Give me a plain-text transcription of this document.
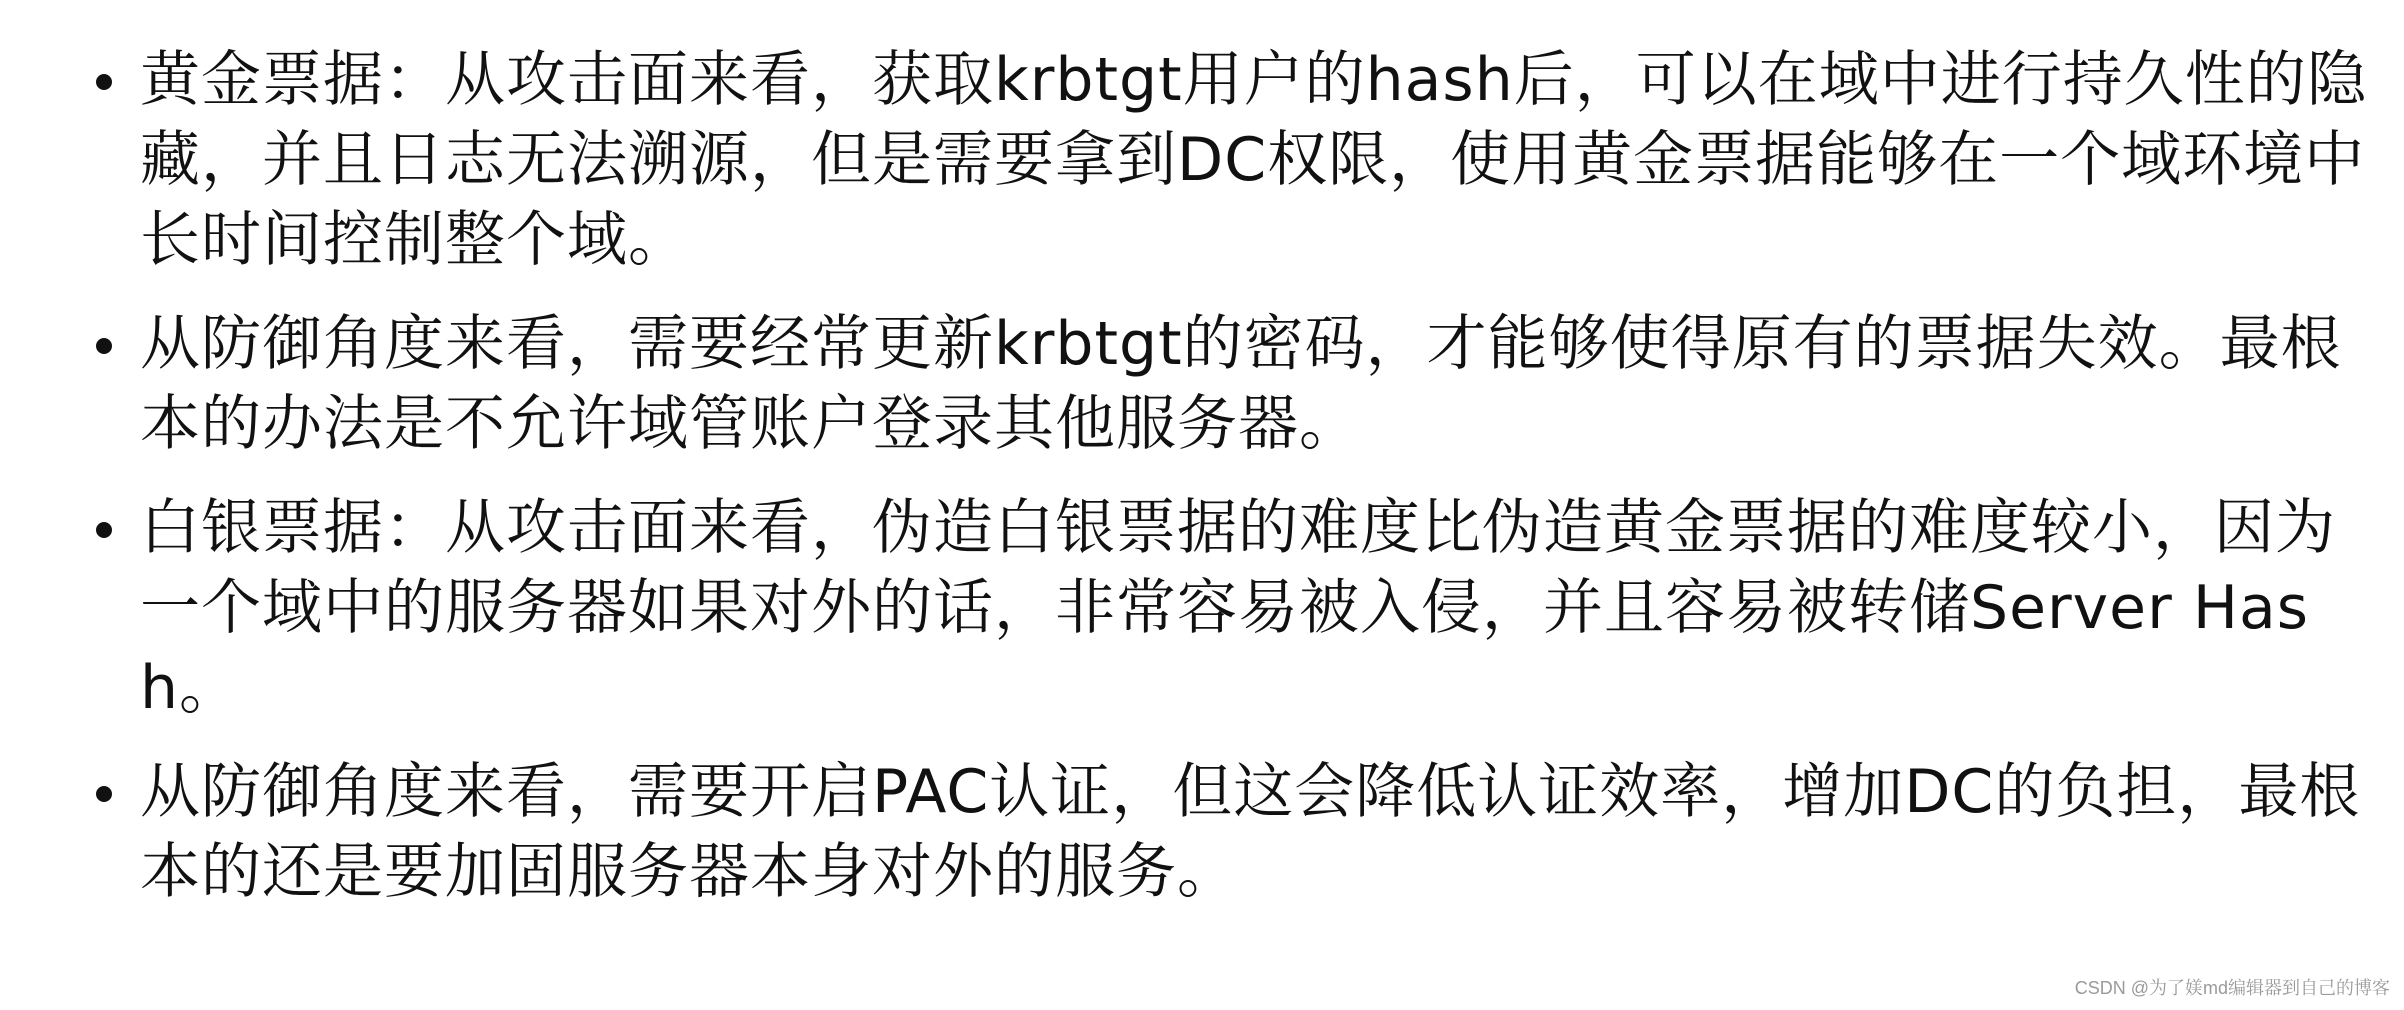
黄金票据：从攻击面来看，获取krbtgt用户的hash后，可以在域中进行持久性的隐藏，并且日志无法溯源，但是需要拿到DC权限，使用黄金票据能够在一个域环境中长时间控制整个域。
从防御角度来看，需要经常更新krbtgt的密码，才能够使得原有的票据失效。最根本的办法是不允许域管账户登录其他服务器。
白银票据：从攻击面来看，伪造白银票据的难度比伪造黄金票据的难度较小，因为一个域中的服务器如果对外的话，非常容易被入侵，并且容易被转储Server Hash。
从防御角度来看，需要开启PAC认证，但这会降低认证效率，增加DC的负担，最根本的还是要加固服务器本身对外的服务。
CSDN @为了媄md编辑器到自己的博客
